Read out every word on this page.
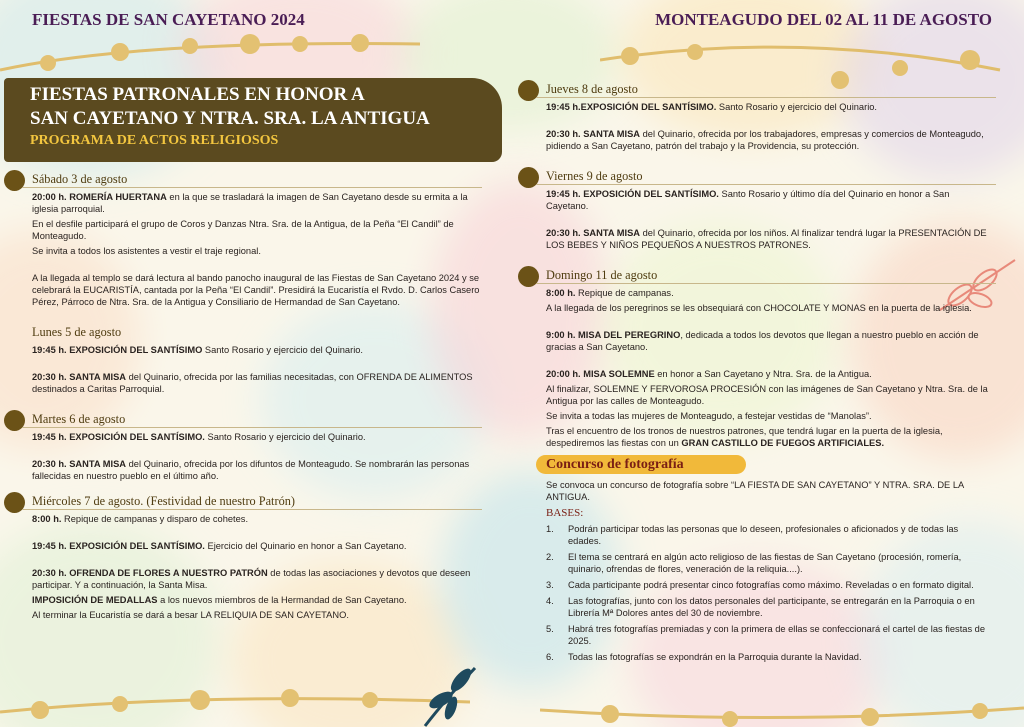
FIESTAS DE SAN CAYETANO 2024	MONTEAGUDO DEL 02 AL 11 DE AGOSTO
FIESTAS PATRONALES EN HONOR A
SAN CAYETANO Y NTRA. SRA. LA ANTIGUA
PROGRAMA DE ACTOS RELIGIOSOS
Sábado 3 de agosto

20:00 h. ROMERÍA HUERTANA en la que se trasladará la imagen de San Cayetano desde su ermita a la iglesia parroquial.

En el desfile participará el grupo de Coros y Danzas Ntra. Sra. de la Antigua, de la Peña “El Candil” de Monteagudo.

Se invita a todos los asistentes a vestir el traje regional.

A la llegada al templo se dará lectura al bando panocho inaugural de las Fiestas de San Cayetano 2024 y se celebrará la EUCARISTÍA, cantada por la Peña “El Candil”. Presidirá la Eucaristía el Rvdo. D. Carlos Casero Pérez, Párroco de Ntra. Sra. de la Antigua y Consiliario de Hermandad de San Cayetano.

Lunes 5 de agosto

19:45 h. EXPOSICIÓN DEL SANTÍSIMO Santo Rosario y ejercicio del Quinario.

20:30 h. SANTA MISA del Quinario, ofrecida por las familias necesitadas, con OFRENDA DE ALIMENTOS destinados a Caritas Parroquial.

Martes 6 de agosto

19:45 h. EXPOSICIÓN DEL SANTÍSIMO. Santo Rosario y ejercicio del Quinario.

20:30 h. SANTA MISA del Quinario, ofrecida por los difuntos de Monteagudo. Se nombrarán las personas fallecidas en nuestro pueblo en el último año.

Miércoles 7 de agosto. (Festividad de nuestro Patrón)

8:00 h. Repique de campanas y disparo de cohetes.

19:45 h. EXPOSICIÓN DEL SANTÍSIMO. Ejercicio del Quinario en honor a San Cayetano.

20:30 h. OFRENDA DE FLORES A NUESTRO PATRÓN de todas las asociaciones y devotos que deseen participar. Y a continuación, la Santa Misa.

IMPOSICIÓN DE MEDALLAS a los nuevos miembros de la Hermandad de San Cayetano.

Al terminar la Eucaristía se dará a besar LA RELIQUIA DE SAN CAYETANO.

Jueves 8 de agosto

19:45 h.EXPOSICIÓN DEL SANTÍSIMO. Santo Rosario y ejercicio del Quinario.

20:30 h. SANTA MISA del Quinario, ofrecida por los trabajadores, empresas y comercios de Monteagudo, pidiendo a San Cayetano, patrón del trabajo y la Providencia, su protección.

Viernes 9 de agosto

19:45 h. EXPOSICIÓN DEL SANTÍSIMO. Santo Rosario y último día del Quinario en honor a San Cayetano.

20:30 h. SANTA MISA del Quinario, ofrecida por los niños. Al finalizar tendrá lugar la PRESENTACIÓN DE LOS BEBES Y NIÑOS PEQUEÑOS A NUESTROS PATRONES.

Domingo 11 de agosto

8:00 h. Repique de campanas.

A la llegada de los peregrinos se les obsequiará con CHOCOLATE Y MONAS en la puerta de la iglesia.

9:00 h. MISA DEL PEREGRINO, dedicada a todos los devotos que llegan a nuestro pueblo en acción de gracias a San Cayetano.

20:00 h. MISA SOLEMNE en honor a San Cayetano y Ntra. Sra. de la Antigua.

Al finalizar, SOLEMNE Y FERVOROSA PROCESIÓN con las imágenes de San Cayetano y Ntra. Sra. de la Antigua por las calles de Monteagudo.

Se invita a todas las mujeres de Monteagudo, a festejar vestidas de “Manolas”.

Tras el encuentro de los tronos de nuestros patrones, que tendrá lugar en la puerta de la iglesia, despediremos las fiestas con un GRAN CASTILLO DE FUEGOS ARTIFICIALES.

Concurso de fotografía

Se convoca un concurso de fotografía sobre “LA FIESTA DE SAN CAYETANO” Y NTRA. SRA. DE LA ANTIGUA.

BASES:
1. Podrán participar todas las personas que lo deseen, profesionales o aficionados y de todas las edades.
2. El tema se centrará en algún acto religioso de las fiestas de San Cayetano (procesión, romería, quinario, ofrendas de flores, veneración de la reliquia....).
3. Cada participante podrá presentar cinco fotografías como máximo. Reveladas o en formato digital.
4. Las fotografías, junto con los datos personales del participante, se entregarán en la Parroquia o en Librería Mª Dolores antes del 30 de noviembre.
5. Habrá tres fotografías premiadas y con la primera de ellas se confeccionará el cartel de las fiestas de 2025.
6. Todas las fotografías se expondrán en la Parroquia durante la Navidad.
